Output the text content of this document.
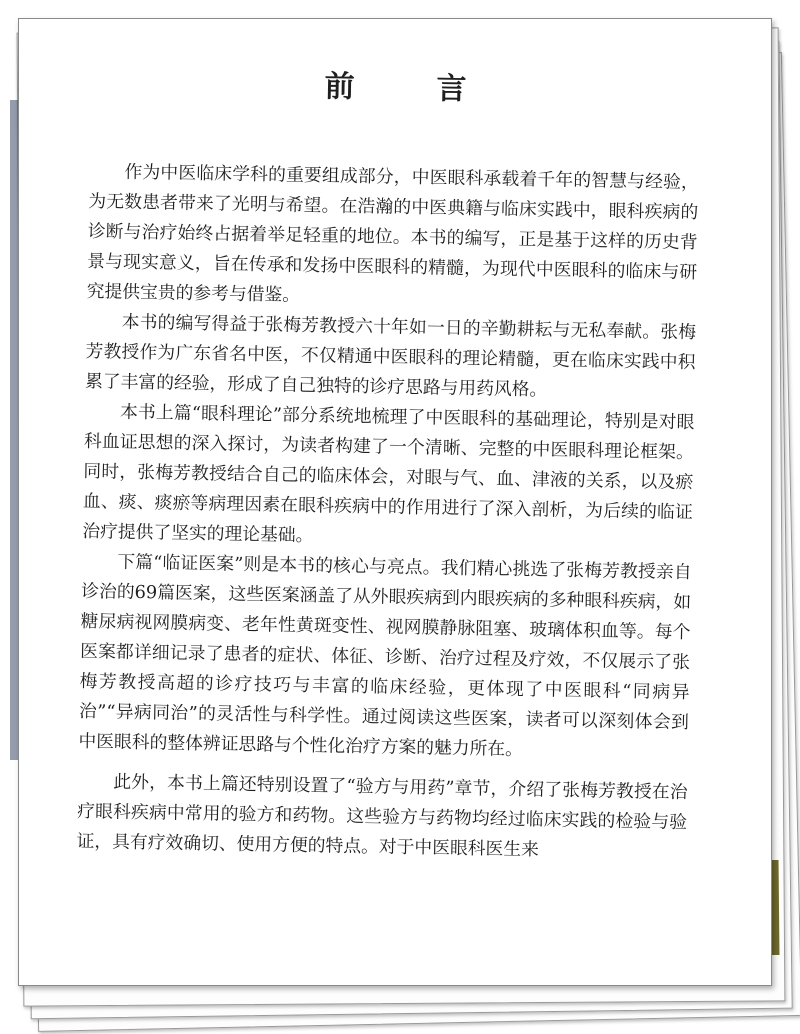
前　言

作为中医临床学科的重要组成部分，中医眼科承载着千年的智慧与经验，为无数患者带来了光明与希望。在浩瀚的中医典籍与临床实践中，眼科疾病的诊断与治疗始终占据着举足轻重的地位。本书的编写，正是基于这样的历史背景与现实意义，旨在传承和发扬中医眼科的精髓，为现代中医眼科的临床与研究提供宝贵的参考与借鉴。

本书的编写得益于张梅芳教授六十年如一日的辛勤耕耘与无私奉献。张梅芳教授作为广东省名中医，不仅精通中医眼科的理论精髓，更在临床实践中积累了丰富的经验，形成了自己独特的诊疗思路与用药风格。

本书上篇“眼科理论”部分系统地梳理了中医眼科的基础理论，特别是对眼科血证思想的深入探讨，为读者构建了一个清晰、完整的中医眼科理论框架。同时，张梅芳教授结合自己的临床体会，对眼与气、血、津液的关系，以及瘀血、痰、痰瘀等病理因素在眼科疾病中的作用进行了深入剖析，为后续的临证治疗提供了坚实的理论基础。

下篇“临证医案”则是本书的核心与亮点。我们精心挑选了张梅芳教授亲自诊治的69篇医案，这些医案涵盖了从外眼疾病到内眼疾病的多种眼科疾病，如糖尿病视网膜病变、老年性黄斑变性、视网膜静脉阻塞、玻璃体积血等。每个医案都详细记录了患者的症状、体征、诊断、治疗过程及疗效，不仅展示了张梅芳教授高超的诊疗技巧与丰富的临床经验，更体现了中医眼科“同病异治”“异病同治”的灵活性与科学性。通过阅读这些医案，读者可以深刻体会到中医眼科的整体辨证思路与个性化治疗方案的魅力所在。

此外，本书上篇还特别设置了“验方与用药”章节，介绍了张梅芳教授在治疗眼科疾病中常用的验方和药物。这些验方与药物均经过临床实践的检验与验证，具有疗效确切、使用方便的特点。对于中医眼科医生来
